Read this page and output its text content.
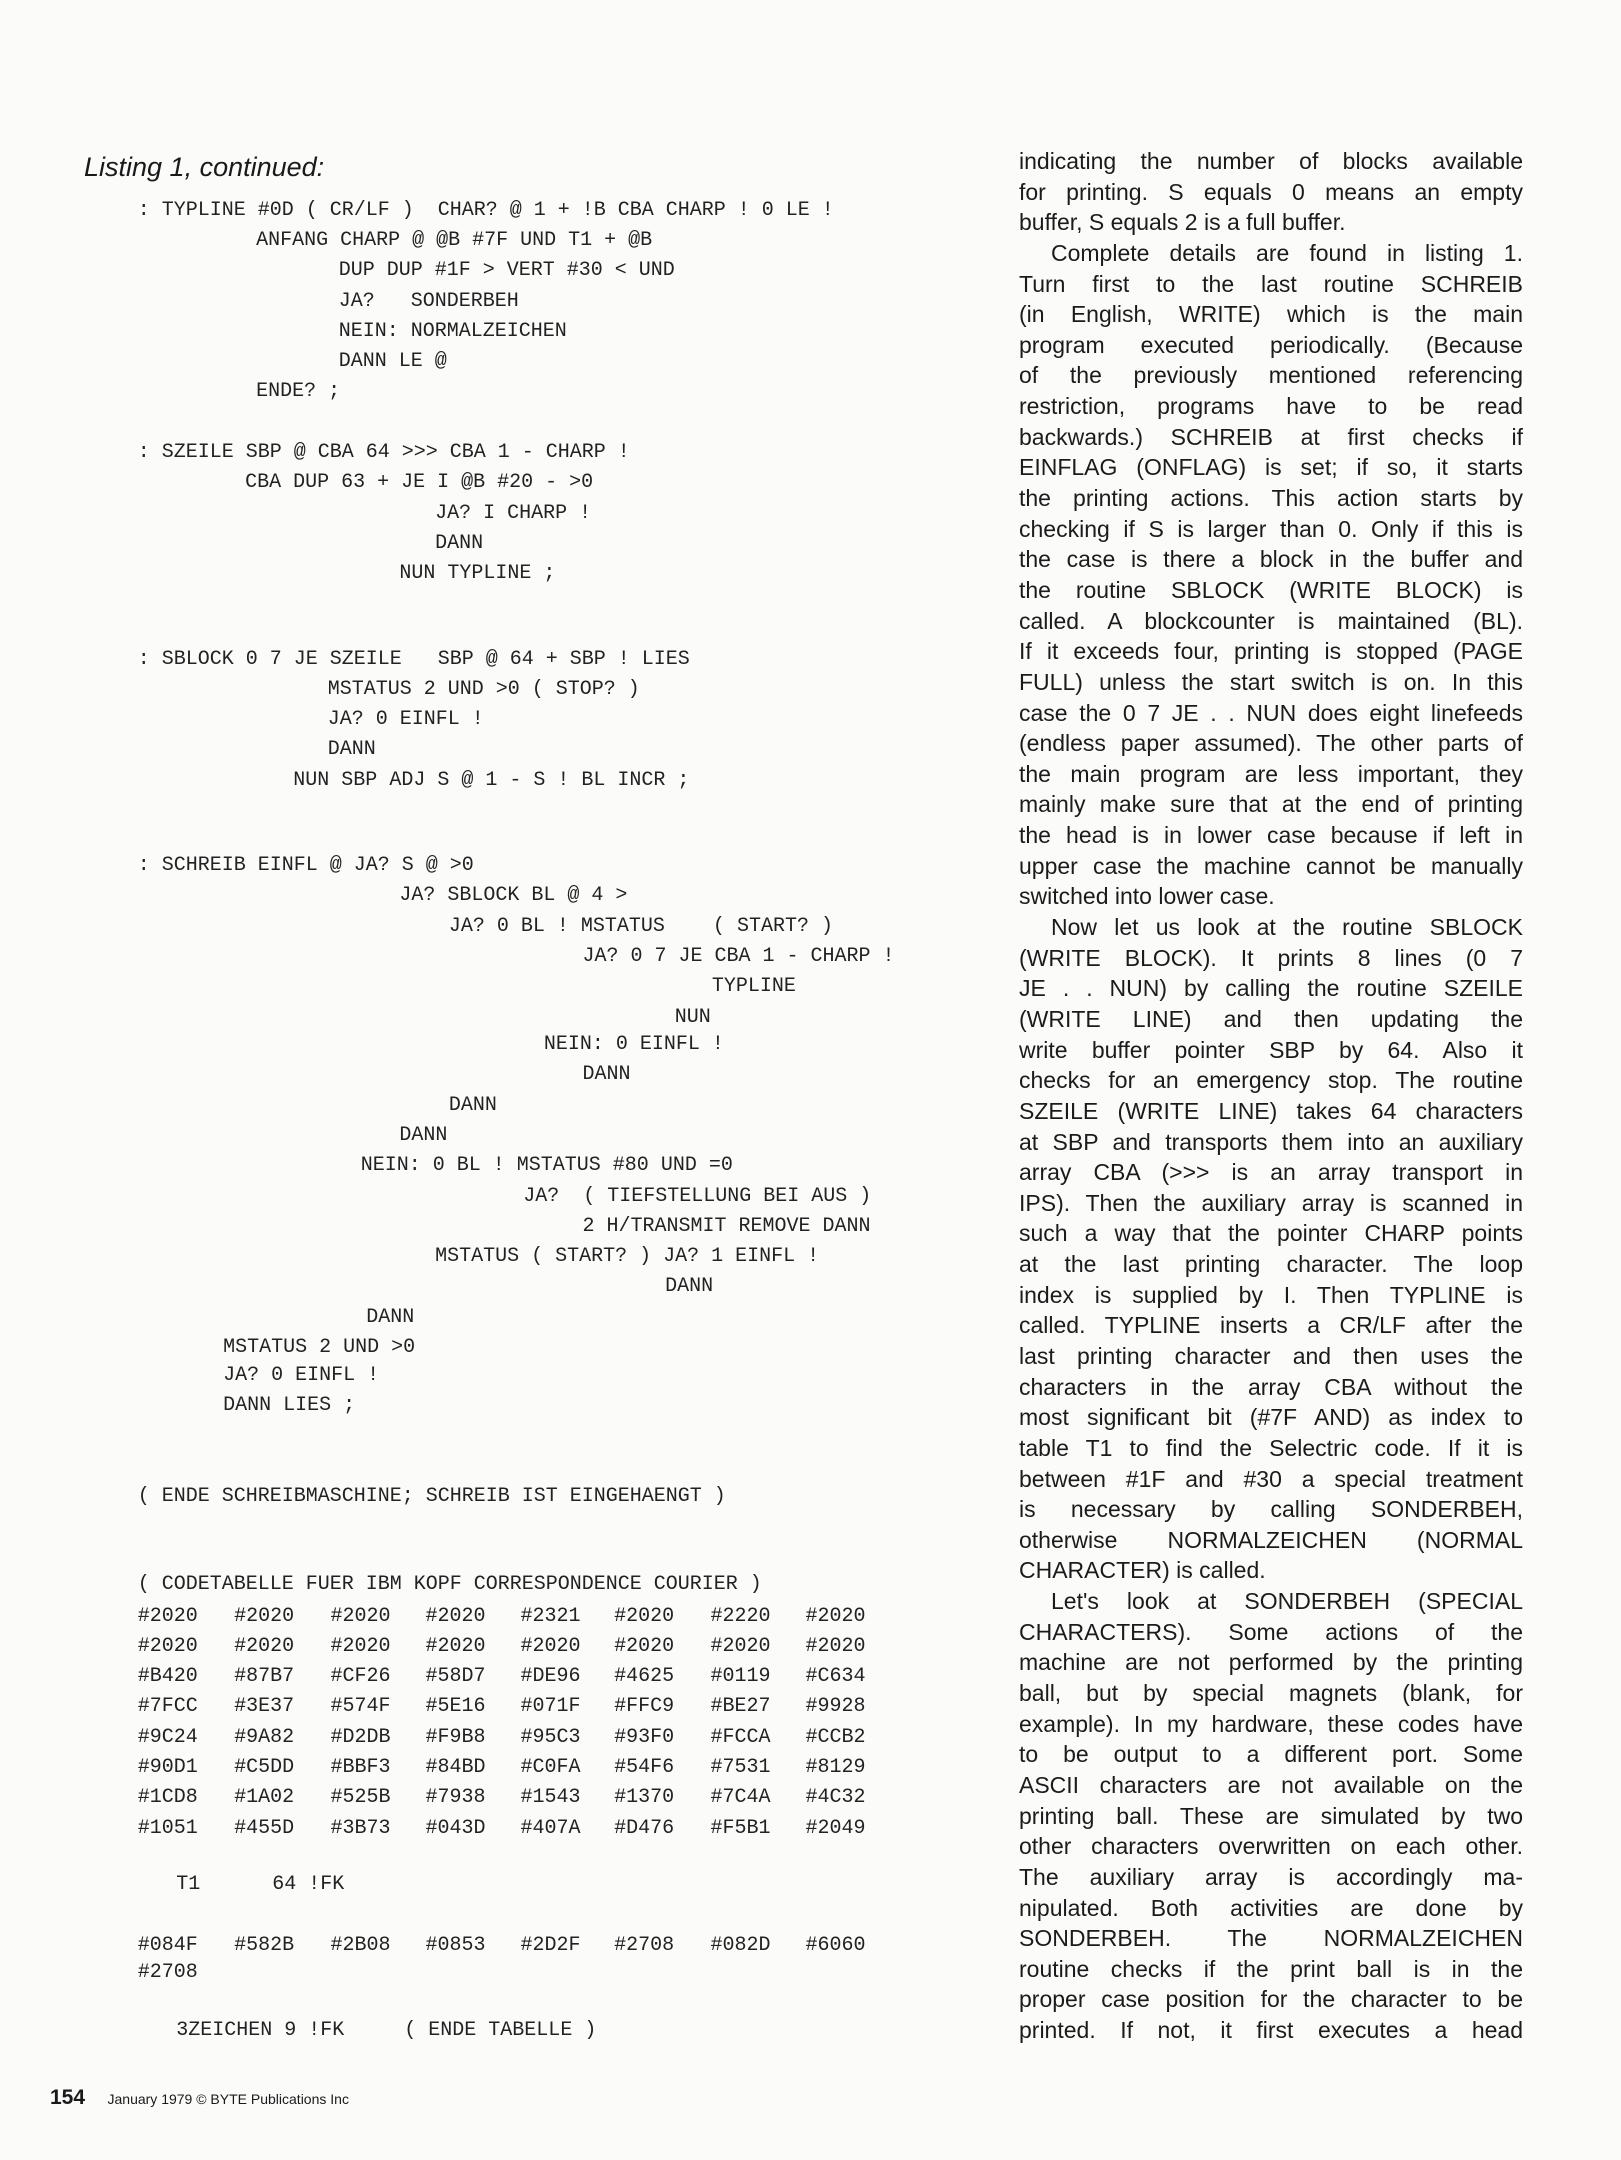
Listing 1, continued:
: TYPLINE #0D ( CR/LF )  CHAR? @ 1 + !B CBA CHARP ! 0 LE !
ANFANG CHARP @ @B #7F UND T1 + @B
DUP DUP #1F > VERT #30 < UND
JA?   SONDERBEH
NEIN: NORMALZEICHEN
DANN LE @
ENDE? ;
: SZEILE SBP @ CBA 64 >>> CBA 1 - CHARP !
CBA DUP 63 + JE I @B #20 - >0
JA? I CHARP !
DANN
NUN TYPLINE ;
: SBLOCK 0 7 JE SZEILE   SBP @ 64 + SBP ! LIES
MSTATUS 2 UND >0 ( STOP? )
JA? 0 EINFL !
DANN
NUN SBP ADJ S @ 1 - S ! BL INCR ;
: SCHREIB EINFL @ JA? S @ >0
JA? SBLOCK BL @ 4 >
JA? 0 BL ! MSTATUS    ( START? )
JA? 0 7 JE CBA 1 - CHARP !
TYPLINE
NUN
NEIN: 0 EINFL !
DANN
DANN
DANN
NEIN: 0 BL ! MSTATUS #80 UND =0
JA?  ( TIEFSTELLUNG BEI AUS )
2 H/TRANSMIT REMOVE DANN
MSTATUS ( START? ) JA? 1 EINFL !
DANN
DANN
MSTATUS 2 UND >0
JA? 0 EINFL !
DANN LIES ;
( ENDE SCHREIBMASCHINE; SCHREIB IST EINGEHAENGT )
( CODETABELLE FUER IBM KOPF CORRESPONDENCE COURIER )
T1      64 !FK
3ZEICHEN 9 !FK     ( ENDE TABELLE )
#2020 #2020 #2020 #2020 #2321 #2020 #2220 #2020
#2020 #2020 #2020 #2020 #2020 #2020 #2020 #2020
#B420 #87B7 #CF26 #58D7 #DE96 #4625 #0119 #C634
#7FCC #3E37 #574F #5E16 #071F #FFC9 #BE27 #9928
#9C24 #9A82 #D2DB #F9B8 #95C3 #93F0 #FCCA #CCB2
#90D1 #C5DD #BBF3 #84BD #C0FA #54F6 #7531 #8129
#1CD8 #1A02 #525B #7938 #1543 #1370 #7C4A #4C32
#1051 #455D #3B73 #043D #407A #D476 #F5B1 #2049
#084F #582B #2B08 #0853 #2D2F #2708 #082D #6060
#2708
indicating the number of blocks available
for printing. S equals 0 means an empty
buffer, S equals 2 is a full buffer.
Complete details are found in listing 1.
Turn first to the last routine SCHREIB
(in English, WRITE) which is the main
program executed periodically. (Because
of the previously mentioned referencing
restriction, programs have to be read
backwards.) SCHREIB at first checks if
EINFLAG (ONFLAG) is set; if so, it starts
the printing actions. This action starts by
checking if S is larger than 0. Only if this is
the case is there a block in the buffer and
the routine SBLOCK (WRITE BLOCK) is
called. A blockcounter is maintained (BL).
If it exceeds four, printing is stopped (PAGE
FULL) unless the start switch is on. In this
case the 0 7 JE . . NUN does eight linefeeds
(endless paper assumed). The other parts of
the main program are less important, they
mainly make sure that at the end of printing
the head is in lower case because if left in
upper case the machine cannot be manually
switched into lower case.
Now let us look at the routine SBLOCK
(WRITE BLOCK). It prints 8 lines (0 7
JE . . NUN) by calling the routine SZEILE
(WRITE LINE) and then updating the
write buffer pointer SBP by 64. Also it
checks for an emergency stop. The routine
SZEILE (WRITE LINE) takes 64 characters
at SBP and transports them into an auxiliary
array CBA (>>> is an array transport in
IPS). Then the auxiliary array is scanned in
such a way that the pointer CHARP points
at the last printing character. The loop
index is supplied by I. Then TYPLINE is
called. TYPLINE inserts a CR/LF after the
last printing character and then uses the
characters in the array CBA without the
most significant bit (#7F AND) as index to
table T1 to find the Selectric code. If it is
between #1F and #30 a special treatment
is necessary by calling SONDERBEH,
otherwise NORMALZEICHEN (NORMAL
CHARACTER) is called.
Let's look at SONDERBEH (SPECIAL
CHARACTERS). Some actions of the
machine are not performed by the printing
ball, but by special magnets (blank, for
example). In my hardware, these codes have
to be output to a different port. Some
ASCII characters are not available on the
printing ball. These are simulated by two
other characters overwritten on each other.
The auxiliary array is accordingly ma-
nipulated. Both activities are done by
SONDERBEH. The NORMALZEICHEN
routine checks if the print ball is in the
proper case position for the character to be
printed. If not, it first executes a head
154 January 1979 © BYTE Publications Inc
